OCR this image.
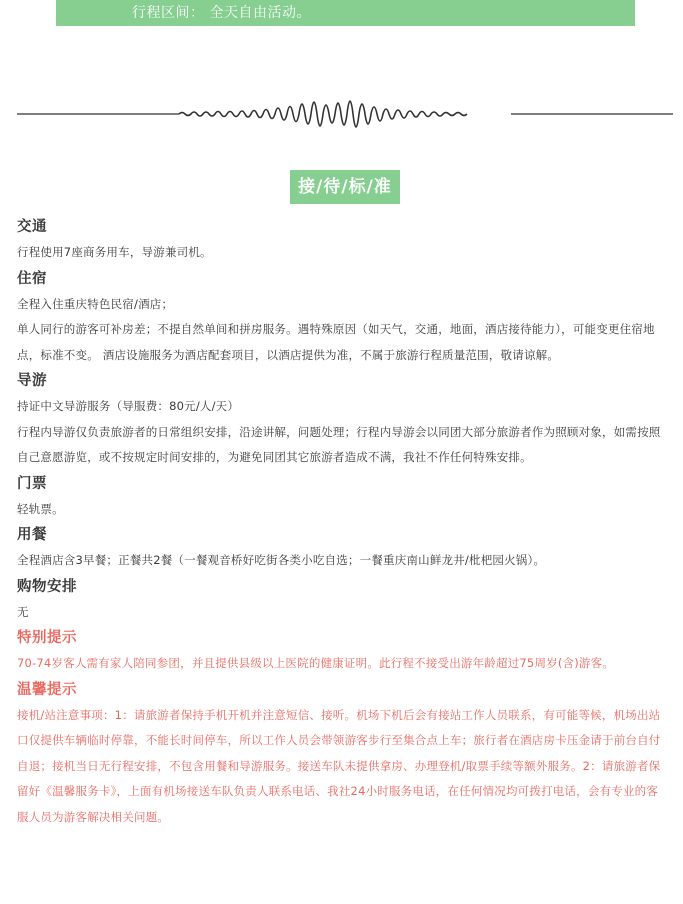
行程区间： 全天自由活动。
接/待/标/准
交通

行程使用7座商务用车，导游兼司机。

住宿

全程入住重庆特色民宿/酒店；

单人同行的游客可补房差；不提自然单间和拼房服务。遇特殊原因（如天气，交通，地面，酒店接待能力），可能变更住宿地点，标准不变。 酒店设施服务为酒店配套项目，以酒店提供为准，不属于旅游行程质量范围，敬请谅解。

导游

持证中文导游服务（导服费：80元/人/天）

行程内导游仅负责旅游者的日常组织安排，沿途讲解，问题处理；行程内导游会以同团大部分旅游者作为照顾对象，如需按照自己意愿游览，或不按规定时间安排的，为避免同团其它旅游者造成不满，我社不作任何特殊安排。

门票

轻轨票。

用餐

全程酒店含3早餐；正餐共2餐（一餐观音桥好吃街各类小吃自选；一餐重庆南山鲜龙井/枇杷园火锅）。

购物安排

无

特别提示

70-74岁客人需有家人陪同参团，并且提供县级以上医院的健康证明。此行程不接受出游年龄超过75周岁(含)游客。

温馨提示

接机/站注意事项：1：请旅游者保持手机开机并注意短信、接听。机场下机后会有接站工作人员联系，有可能等候，机场出站口仅提供车辆临时停靠，不能长时间停车，所以工作人员会带领游客步行至集合点上车；旅行者在酒店房卡压金请于前台自付自退；接机当日无行程安排，不包含用餐和导游服务。接送车队未提供拿房、办理登机/取票手续等额外服务。2：请旅游者保留好《温馨服务卡》，上面有机场接送车队负责人联系电话、我社24小时服务电话，在任何情况均可拨打电话，会有专业的客服人员为游客解决相关问题。
